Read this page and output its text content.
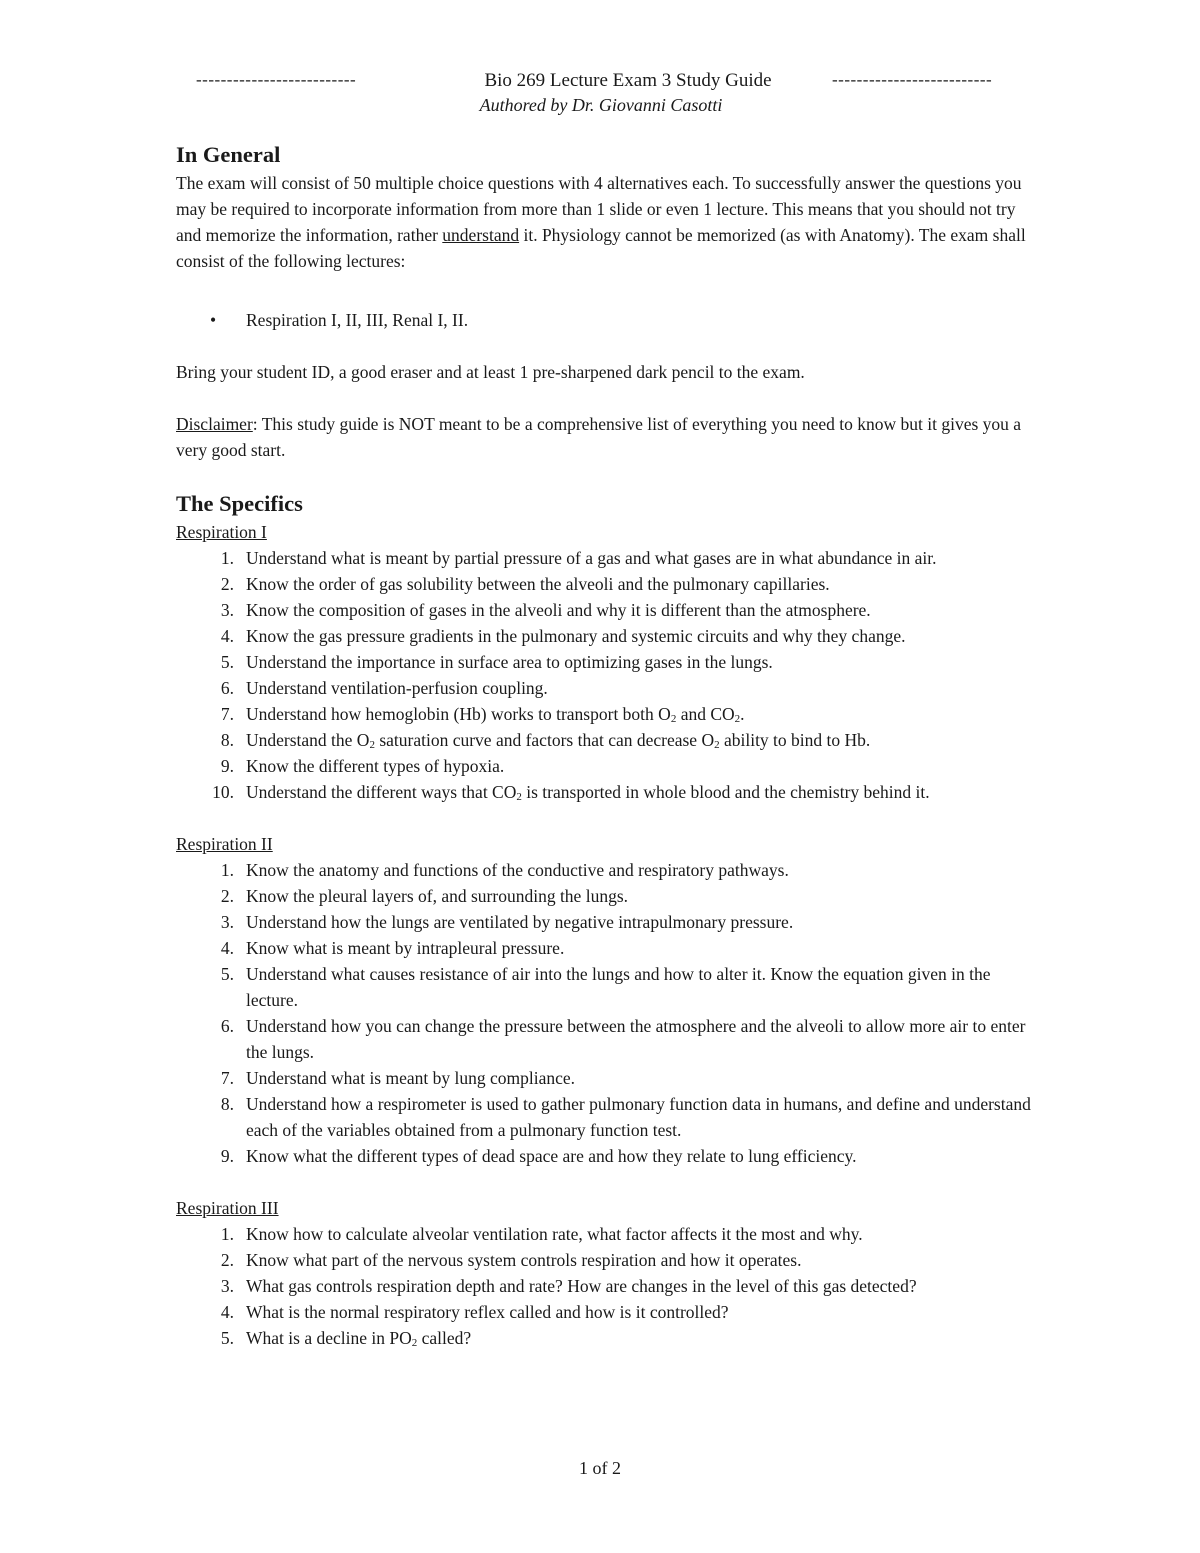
--------------------------	Bio 269 Lecture Exam 3 Study Guide	--------------------------
Authored by Dr. Giovanni Casotti
In General

The exam will consist of 50 multiple choice questions with 4 alternatives each. To successfully answer the questions you may be required to incorporate information from more than 1 slide or even 1 lecture. This means that you should not try and memorize the information, rather understand it. Physiology cannot be memorized (as with Anatomy). The exam shall consist of the following lectures:

• Respiration I, II, III, Renal I, II.

Bring your student ID, a good eraser and at least 1 pre-sharpened dark pencil to the exam.

Disclaimer: This study guide is NOT meant to be a comprehensive list of everything you need to know but it gives you a very good start.

The Specifics

Respiration I

1. Understand what is meant by partial pressure of a gas and what gases are in what abundance in air.
2. Know the order of gas solubility between the alveoli and the pulmonary capillaries.
3. Know the composition of gases in the alveoli and why it is different than the atmosphere.
4. Know the gas pressure gradients in the pulmonary and systemic circuits and why they change.
5. Understand the importance in surface area to optimizing gases in the lungs.
6. Understand ventilation-perfusion coupling.
7. Understand how hemoglobin (Hb) works to transport both $O_2$ and $CO_2$.
8. Understand the $O_2$ saturation curve and factors that can decrease $O_2$ ability to bind to Hb.
9. Know the different types of hypoxia.
10. Understand the different ways that $CO_2$ is transported in whole blood and the chemistry behind it.

Respiration II

1. Know the anatomy and functions of the conductive and respiratory pathways.
2. Know the pleural layers of, and surrounding the lungs.
3. Understand how the lungs are ventilated by negative intrapulmonary pressure.
4. Know what is meant by intrapleural pressure.
5. Understand what causes resistance of air into the lungs and how to alter it. Know the equation given in the lecture.
6. Understand how you can change the pressure between the atmosphere and the alveoli to allow more air to enter the lungs.
7. Understand what is meant by lung compliance.
8. Understand how a respirometer is used to gather pulmonary function data in humans, and define and understand each of the variables obtained from a pulmonary function test.
9. Know what the different types of dead space are and how they relate to lung efficiency.

Respiration III

1. Know how to calculate alveolar ventilation rate, what factor affects it the most and why.
2. Know what part of the nervous system controls respiration and how it operates.
3. What gas controls respiration depth and rate? How are changes in the level of this gas detected?
4. What is the normal respiratory reflex called and how is it controlled?
5. What is a decline in $PO_2$ called?
1 of 2
